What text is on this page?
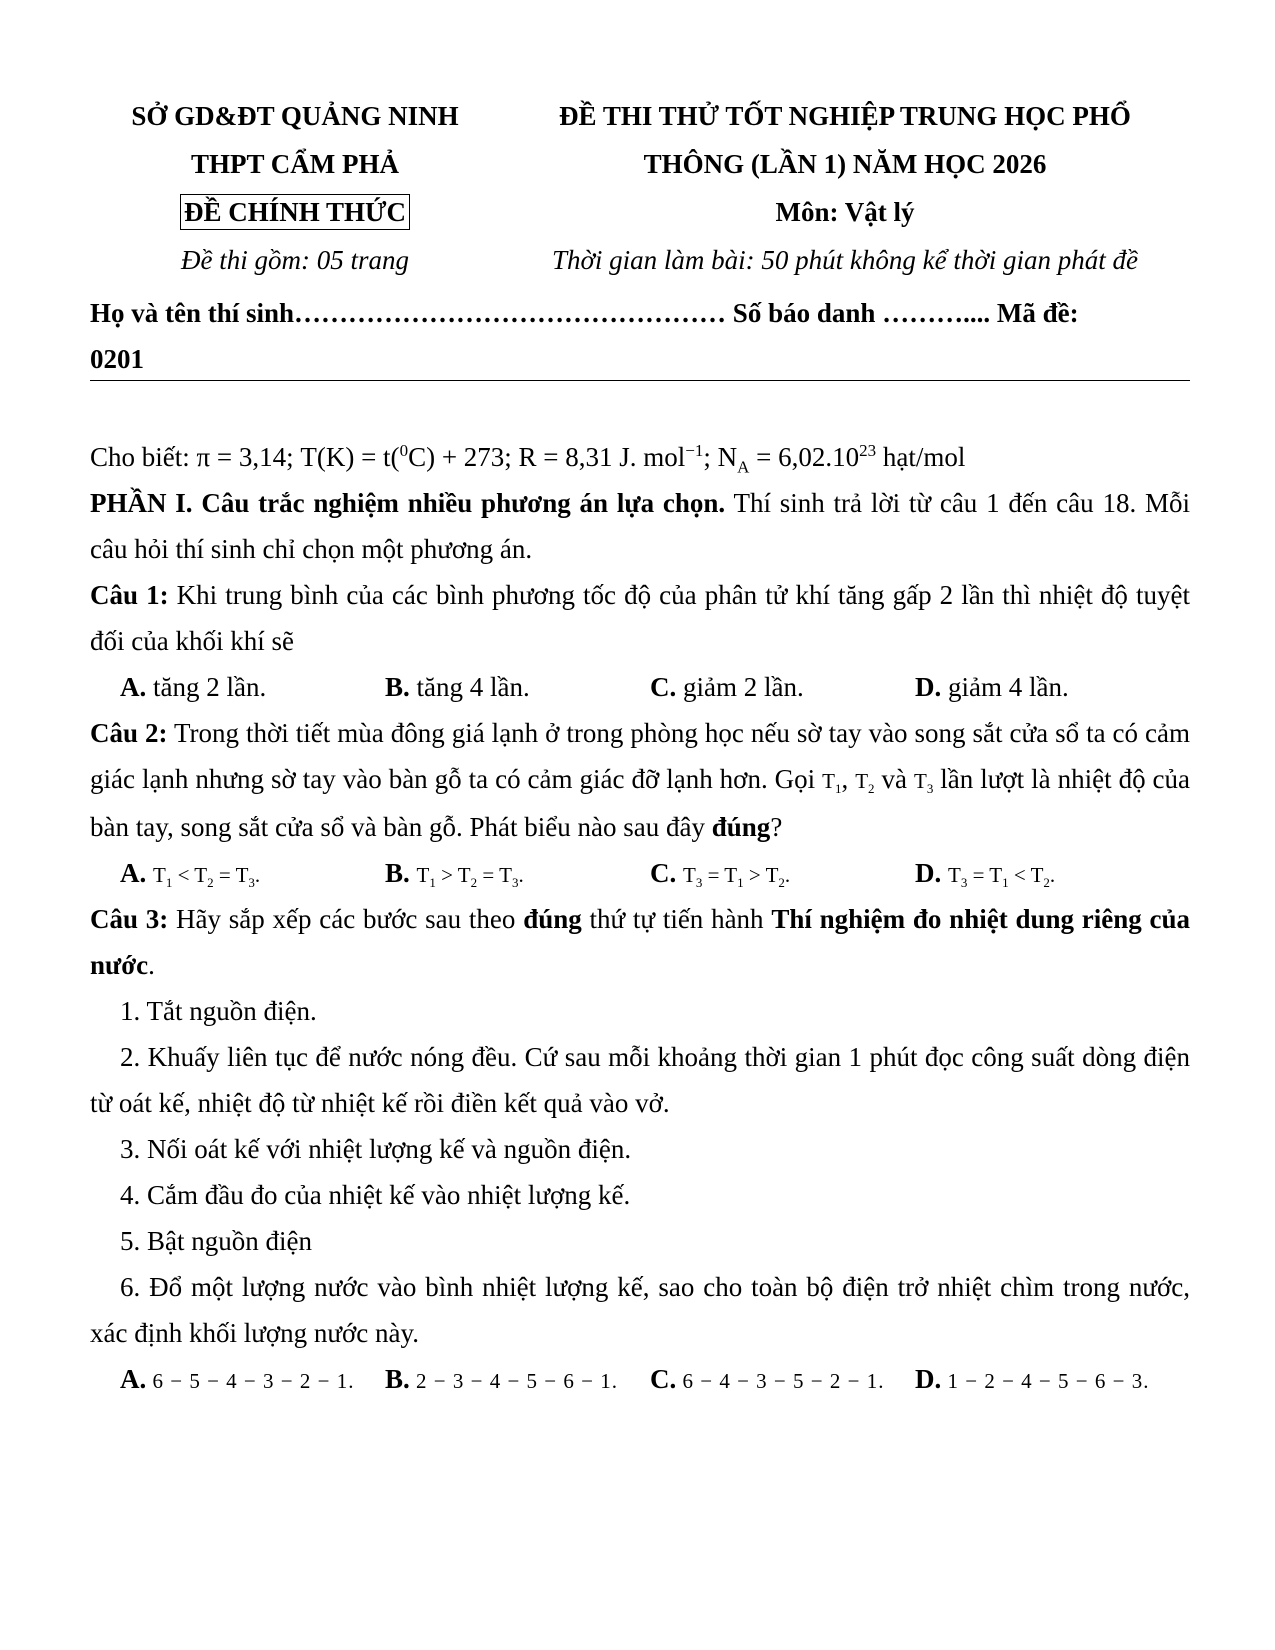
SỞ GD&ĐT QUẢNG NINH
THPT CẨM PHẢ
ĐỀ CHÍNH THỨC
Đề thi gồm: 05 trang
ĐỀ THI THỬ TỐT NGHIỆP TRUNG HỌC PHỔ
THÔNG (LẦN 1) NĂM HỌC 2026
Môn: Vật lý
Thời gian làm bài: 50 phút không kể thời gian phát đề
Họ và tên thí sinh………………………………………… Số báo danh ……….... Mã đề:
0201

Cho biết: π = 3,14; T(K) = t($^0$C) + 273; R = 8,31 J. mol$^{-1}$; $N_A = 6,02.10^{23}$ hạt/mol

PHẦN I. Câu trắc nghiệm nhiều phương án lựa chọn. Thí sinh trả lời từ câu 1 đến câu 18. Mỗi câu hỏi thí sinh chỉ chọn một phương án.

Câu 1: Khi trung bình của các bình phương tốc độ của phân tử khí tăng gấp 2 lần thì nhiệt độ tuyệt đối của khối khí sẽ

A. tăng 2 lần.	B. tăng 4 lần.	C. giảm 2 lần.	D. giảm 4 lần.

Câu 2: Trong thời tiết mùa đông giá lạnh ở trong phòng học nếu sờ tay vào song sắt cửa sổ ta có cảm giác lạnh nhưng sờ tay vào bàn gỗ ta có cảm giác đỡ lạnh hơn. Gọi $T_1$, $T_2$ và $T_3$ lần lượt là nhiệt độ của bàn tay, song sắt cửa sổ và bàn gỗ. Phát biểu nào sau đây đúng?

A. $T_1 < T_2 = T_3$.	B. $T_1 > T_2 = T_3$.	C. $T_3 = T_1 > T_2$.	D. $T_3 = T_1 < T_2$.

Câu 3: Hãy sắp xếp các bước sau theo đúng thứ tự tiến hành Thí nghiệm đo nhiệt dung riêng của nước.

1. Tắt nguồn điện.

2. Khuấy liên tục để nước nóng đều. Cứ sau mỗi khoảng thời gian 1 phút đọc công suất dòng điện từ oát kế, nhiệt độ từ nhiệt kế rồi điền kết quả vào vở.

3. Nối oát kế với nhiệt lượng kế và nguồn điện.

4. Cắm đầu đo của nhiệt kế vào nhiệt lượng kế.

5. Bật nguồn điện

6. Đổ một lượng nước vào bình nhiệt lượng kế, sao cho toàn bộ điện trở nhiệt chìm trong nước, xác định khối lượng nước này.

A. 6 − 5 − 4 − 3 − 2 − 1.	B. 2 − 3 − 4 − 5 − 6 − 1.	C. 6 − 4 − 3 − 5 − 2 − 1.	D. 1 − 2 − 4 − 5 − 6 − 3.
